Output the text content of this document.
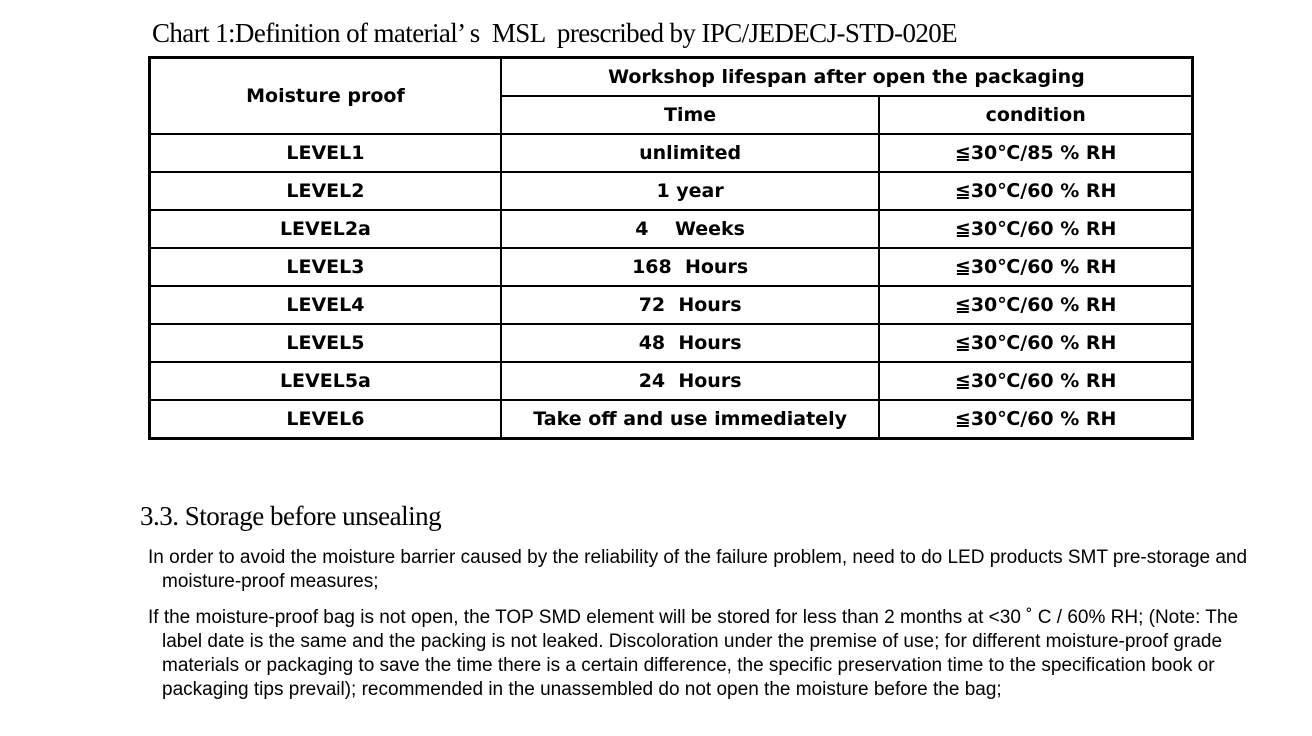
Chart 1:Definition of material’ s  MSL  prescribed by IPC/JEDECJ-STD-020E
Moisture proof	Workshop lifespan after open the packaging	
	Time	condition
LEVEL1	unlimited	≦30℃/85 % RH
LEVEL2	1 year	≦30℃/60 % RH
LEVEL2a	4    Weeks	≦30℃/60 % RH
LEVEL3	168  Hours	≦30℃/60 % RH
LEVEL4	72  Hours	≦30℃/60 % RH
LEVEL5	48  Hours	≦30℃/60 % RH
LEVEL5a	24  Hours	≦30℃/60 % RH
LEVEL6	Take off and use immediately	≦30℃/60 % RH
3.3. Storage before unsealing

In order to avoid the moisture barrier caused by the reliability of the failure problem, need to do LED products SMT pre-storage and moisture-proof measures;

If the moisture-proof bag is not open, the TOP SMD element will be stored for less than 2 months at <30 ˚ C / 60% RH; (Note: The label date is the same and the packing is not leaked. Discoloration under the premise of use; for different moisture-proof grade materials or packaging to save the time there is a certain difference, the specific preservation time to the specification book or packaging tips prevail); recommended in the unassembled do not open the moisture before the bag;
